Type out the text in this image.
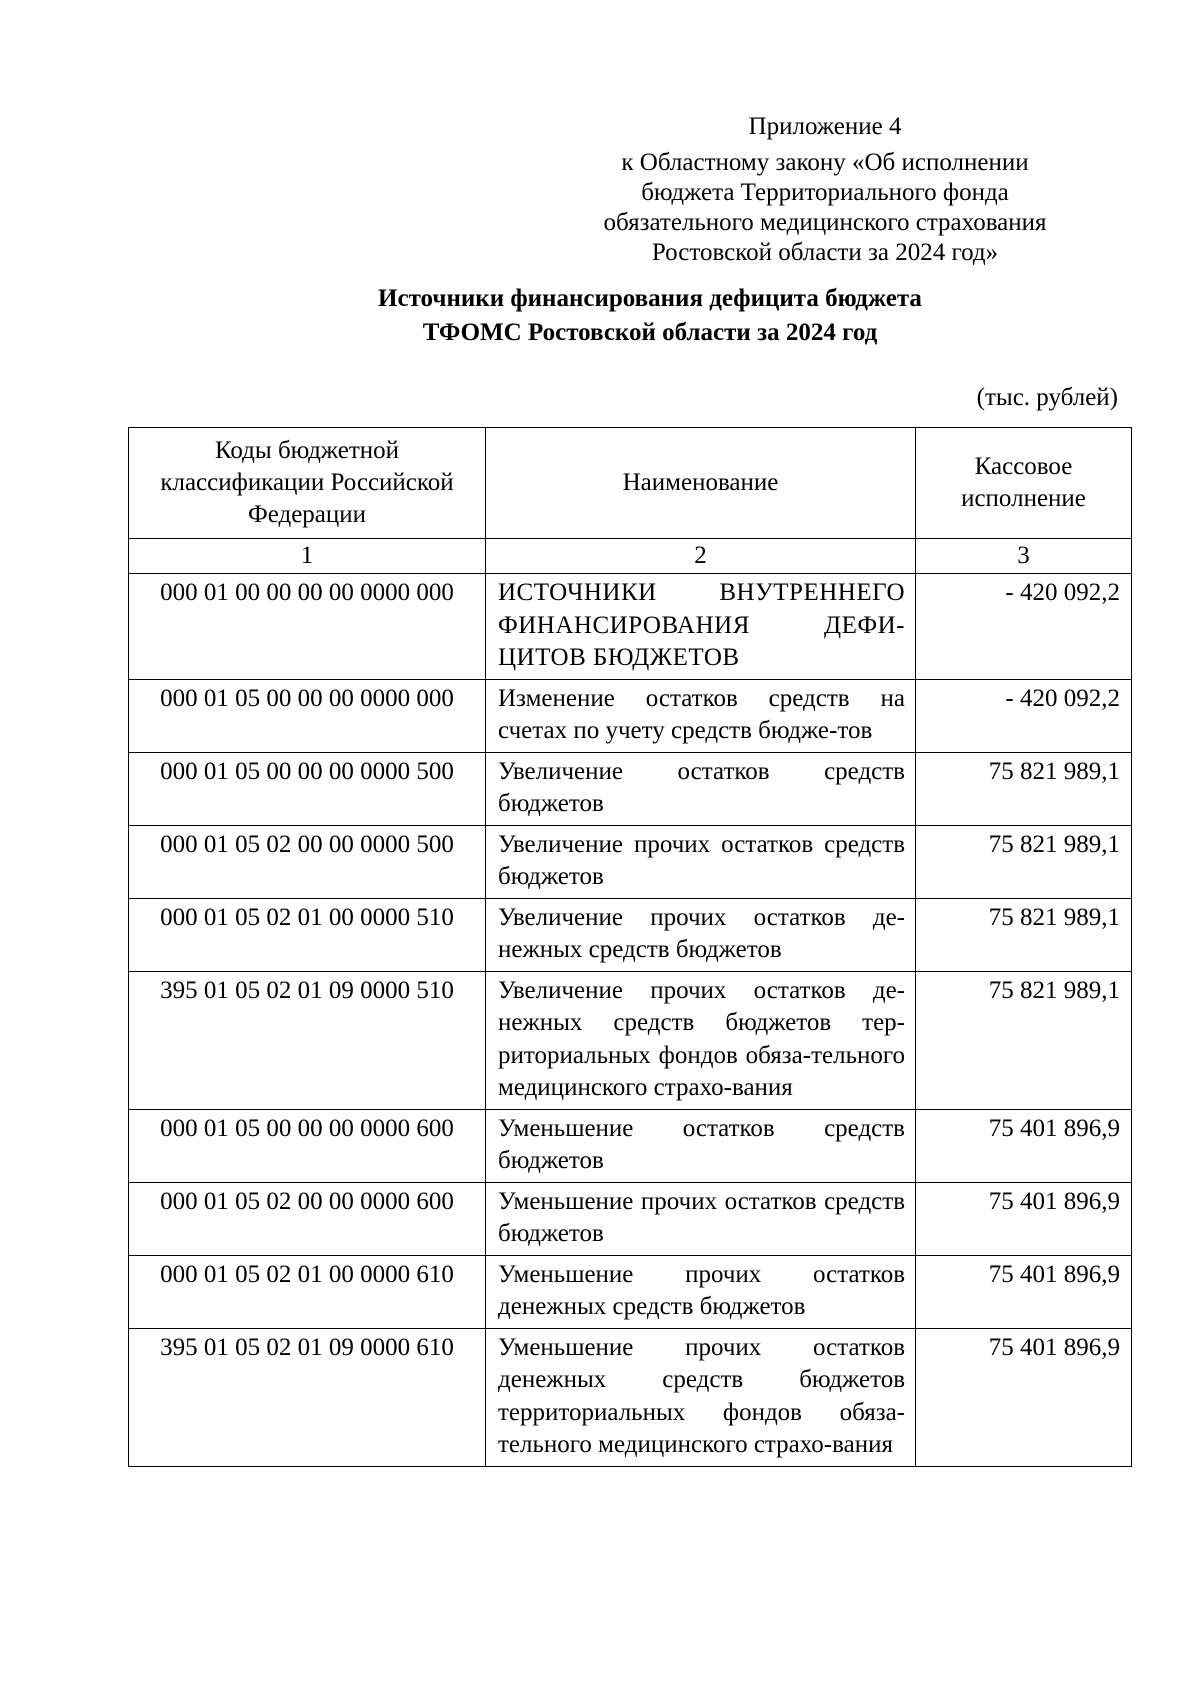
Приложение 4
к Областному закону «Об исполнении
бюджета Территориального фонда
обязательного медицинского страхования
Ростовской области за 2024 год»
Источники финансирования дефицита бюджета
ТФОМС Ростовской области за 2024 год
(тыс. рублей)
Коды бюджетной классификации Российской Федерации	Наименование	Кассовое исполнение
1	2	3
000 01 00 00 00 00 0000 000	ИСТОЧНИКИ ВНУТРЕННЕГО ФИНАНСИРОВАНИЯ ДЕФИ-ЦИТОВ БЮДЖЕТОВ	- 420 092,2
000 01 05 00 00 00 0000 000	Изменение остатков средств на счетах по учету средств бюдже-тов	- 420 092,2
000 01 05 00 00 00 0000 500	Увеличение остатков средств бюджетов	75 821 989,1
000 01 05 02 00 00 0000 500	Увеличение прочих остатков средств бюджетов	75 821 989,1
000 01 05 02 01 00 0000 510	Увеличение прочих остатков де-нежных средств бюджетов	75 821 989,1
395 01 05 02 01 09 0000 510	Увеличение прочих остатков де-нежных средств бюджетов тер-риториальных фондов обяза-тельного медицинского страхо-вания	75 821 989,1
000 01 05 00 00 00 0000 600	Уменьшение остатков средств бюджетов	75 401 896,9
000 01 05 02 00 00 0000 600	Уменьшение прочих остатков средств бюджетов	75 401 896,9
000 01 05 02 01 00 0000 610	Уменьшение прочих остатков денежных средств бюджетов	75 401 896,9
395 01 05 02 01 09 0000 610	Уменьшение прочих остатков денежных средств бюджетов территориальных фондов обяза-тельного медицинского страхо-вания	75 401 896,9
